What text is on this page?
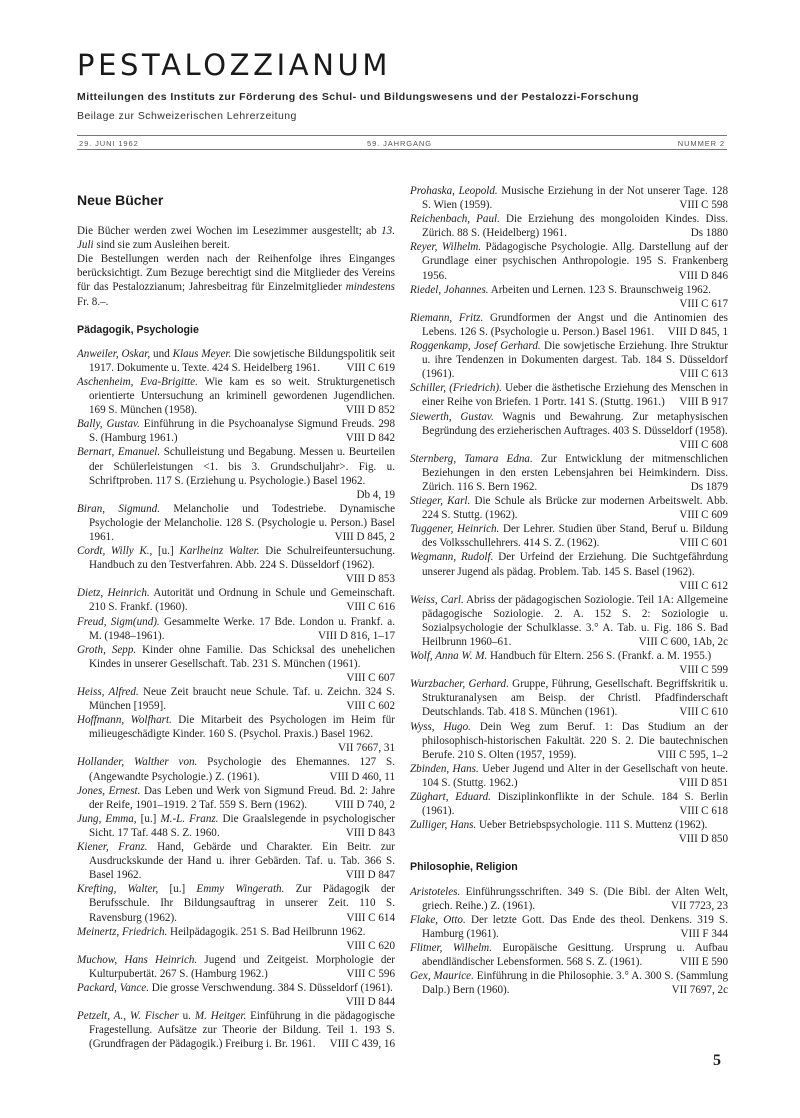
PESTALOZZIANUM
Mitteilungen des Instituts zur Förderung des Schul- und Bildungswesens und der Pestalozzi-Forschung
Beilage zur Schweizerischen Lehrerzeitung
29. JUNI 1962	59. JAHRGANG	NUMMER 2
Neue Bücher

Die Bücher werden zwei Wochen im Lesezimmer ausgestellt; ab 13. Juli sind sie zum Ausleihen bereit.

Die Bestellungen werden nach der Reihenfolge ihres Einganges berücksichtigt. Zum Bezuge berechtigt sind die Mitglieder des Vereins für das Pestalozzianum; Jahresbeitrag für Einzelmitglieder mindestens Fr. 8.–.

Pädagogik, Psychologie
Anweiler, Oskar, und Klaus Meyer. Die sowjetische Bildungspolitik seit 1917. Dokumente u. Texte. 424 S. Heidelberg 1961.	VIII C 619
Aschenheim, Eva-Brigitte. Wie kam es so weit. Strukturgenetisch orientierte Untersuchung an kriminell gewordenen Jugendlichen. 169 S. München (1958).	VIII D 852
Bally, Gustav. Einführung in die Psychoanalyse Sigmund Freuds. 298 S. (Hamburg 1961.)	VIII D 842
Bernart, Emanuel. Schulleistung und Begabung. Messen u. Beurteilen der Schülerleistungen <1. bis 3. Grundschuljahr>. Fig. u. Schriftproben. 117 S. (Erziehung u. Psychologie.) Basel 1962.
Db 4, 19
Biran, Sigmund. Melancholie und Todestriebe. Dynamische Psychologie der Melancholie. 128 S. (Psychologie u. Person.) Basel 1961.	VIII D 845, 2
Cordt, Willy K., [u.] Karlheinz Walter. Die Schulreifeuntersuchung. Handbuch zu den Testverfahren. Abb. 224 S. Düsseldorf (1962).
VIII D 853
Dietz, Heinrich. Autorität und Ordnung in Schule und Gemeinschaft. 210 S. Frankf. (1960).	VIII C 616
Freud, Sigm(und). Gesammelte Werke. 17 Bde. London u. Frankf. a. M. (1948–1961).	VIII D 816, 1–17
Groth, Sepp. Kinder ohne Familie. Das Schicksal des unehelichen Kindes in unserer Gesellschaft. Tab. 231 S. München (1961).
VIII C 607
Heiss, Alfred. Neue Zeit braucht neue Schule. Taf. u. Zeichn. 324 S. München [1959].	VIII C 602
Hoffmann, Wolfhart. Die Mitarbeit des Psychologen im Heim für milieugeschädigte Kinder. 160 S. (Psychol. Praxis.) Basel 1962.
VII 7667, 31
Hollander, Walther von. Psychologie des Ehemannes. 127 S. (Angewandte Psychologie.) Z. (1961).	VIII D 460, 11
Jones, Ernest. Das Leben und Werk von Sigmund Freud. Bd. 2: Jahre der Reife, 1901–1919. 2 Taf. 559 S. Bern (1962).	VIII D 740, 2
Jung, Emma, [u.] M.-L. Franz. Die Graalslegende in psychologischer Sicht. 17 Taf. 448 S. Z. 1960.	VIII D 843
Kiener, Franz. Hand, Gebärde und Charakter. Ein Beitr. zur Ausdruckskunde der Hand u. ihrer Gebärden. Taf. u. Tab. 366 S. Basel 1962.	VIII D 847
Krefting, Walter, [u.] Emmy Wingerath. Zur Pädagogik der Berufsschule. Ihr Bildungsauftrag in unserer Zeit. 110 S. Ravensburg (1962).	VIII C 614
Meinertz, Friedrich. Heilpädagogik. 251 S. Bad Heilbrunn 1962.
VIII C 620
Muchow, Hans Heinrich. Jugend und Zeitgeist. Morphologie der Kulturpubertät. 267 S. (Hamburg 1962.)	VIII C 596
Packard, Vance. Die grosse Verschwendung. 384 S. Düsseldorf (1961).
VIII D 844
Petzelt, A., W. Fischer u. M. Heitger. Einführung in die pädagogische Fragestellung. Aufsätze zur Theorie der Bildung. Teil 1. 193 S. (Grundfragen der Pädagogik.) Freiburg i. Br. 1961.	VIII C 439, 16
Prohaska, Leopold. Musische Erziehung in der Not unserer Tage. 128 S. Wien (1959).	VIII C 598
Reichenbach, Paul. Die Erziehung des mongoloiden Kindes. Diss. Zürich. 88 S. (Heidelberg) 1961.	Ds 1880
Reyer, Wilhelm. Pädagogische Psychologie. Allg. Darstellung auf der Grundlage einer psychischen Anthropologie. 195 S. Frankenberg 1956.	VIII D 846
Riedel, Johannes. Arbeiten und Lernen. 123 S. Braunschweig 1962.
VIII C 617
Riemann, Fritz. Grundformen der Angst und die Antinomien des Lebens. 126 S. (Psychologie u. Person.) Basel 1961.	VIII D 845, 1
Roggenkamp, Josef Gerhard. Die sowjetische Erziehung. Ihre Struktur u. ihre Tendenzen in Dokumenten dargest. Tab. 184 S. Düsseldorf (1961).	VIII C 613
Schiller, (Friedrich). Ueber die ästhetische Erziehung des Menschen in einer Reihe von Briefen. 1 Portr. 141 S. (Stuttg. 1961.)	VIII B 917
Siewerth, Gustav. Wagnis und Bewahrung. Zur metaphysischen Begründung des erzieherischen Auftrages. 403 S. Düsseldorf (1958).
VIII C 608
Sternberg, Tamara Edna. Zur Entwicklung der mitmenschlichen Beziehungen in den ersten Lebensjahren bei Heimkindern. Diss. Zürich. 116 S. Bern 1962.	Ds 1879
Stieger, Karl. Die Schule als Brücke zur modernen Arbeitswelt. Abb. 224 S. Stuttg. (1962).	VIII C 609
Tuggener, Heinrich. Der Lehrer. Studien über Stand, Beruf u. Bildung des Volksschullehrers. 414 S. Z. (1962).	VIII C 601
Wegmann, Rudolf. Der Urfeind der Erziehung. Die Suchtgefährdung unserer Jugend als pädag. Problem. Tab. 145 S. Basel (1962).
VIII C 612
Weiss, Carl. Abriss der pädagogischen Soziologie. Teil 1A: Allgemeine pädagogische Soziologie. 2. A. 152 S. 2: Soziologie u. Sozialpsychologie der Schulklasse. 3.° A. Tab. u. Fig. 186 S. Bad Heilbrunn 1960–61.	VIII C 600, 1Ab, 2c
Wolf, Anna W. M. Handbuch für Eltern. 256 S. (Frankf. a. M. 1955.)
VIII C 599
Wurzbacher, Gerhard. Gruppe, Führung, Gesellschaft. Begriffskritik u. Strukturanalysen am Beisp. der Christl. Pfadfinderschaft Deutschlands. Tab. 418 S. München (1961).	VIII C 610
Wyss, Hugo. Dein Weg zum Beruf. 1: Das Studium an der philosophisch-historischen Fakultät. 220 S. 2. Die bautechnischen Berufe. 210 S. Olten (1957, 1959).	VIII C 595, 1–2
Zbinden, Hans. Ueber Jugend und Alter in der Gesellschaft von heute. 104 S. (Stuttg. 1962.)	VIII D 851
Züghart, Eduard. Disziplinkonflikte in der Schule. 184 S. Berlin (1961).	VIII C 618
Zulliger, Hans. Ueber Betriebspsychologie. 111 S. Muttenz (1962).
VIII D 850
Philosophie, Religion
Aristoteles. Einführungsschriften. 349 S. (Die Bibl. der Alten Welt, griech. Reihe.) Z. (1961).	VII 7723, 23
Flake, Otto. Der letzte Gott. Das Ende des theol. Denkens. 319 S. Hamburg (1961).	VIII F 344
Flitner, Wilhelm. Europäische Gesittung. Ursprung u. Aufbau abendländischer Lebensformen. 568 S. Z. (1961).	VIII E 590
Gex, Maurice. Einführung in die Philosophie. 3.° A. 300 S. (Sammlung Dalp.) Bern (1960).	VII 7697, 2c
5
